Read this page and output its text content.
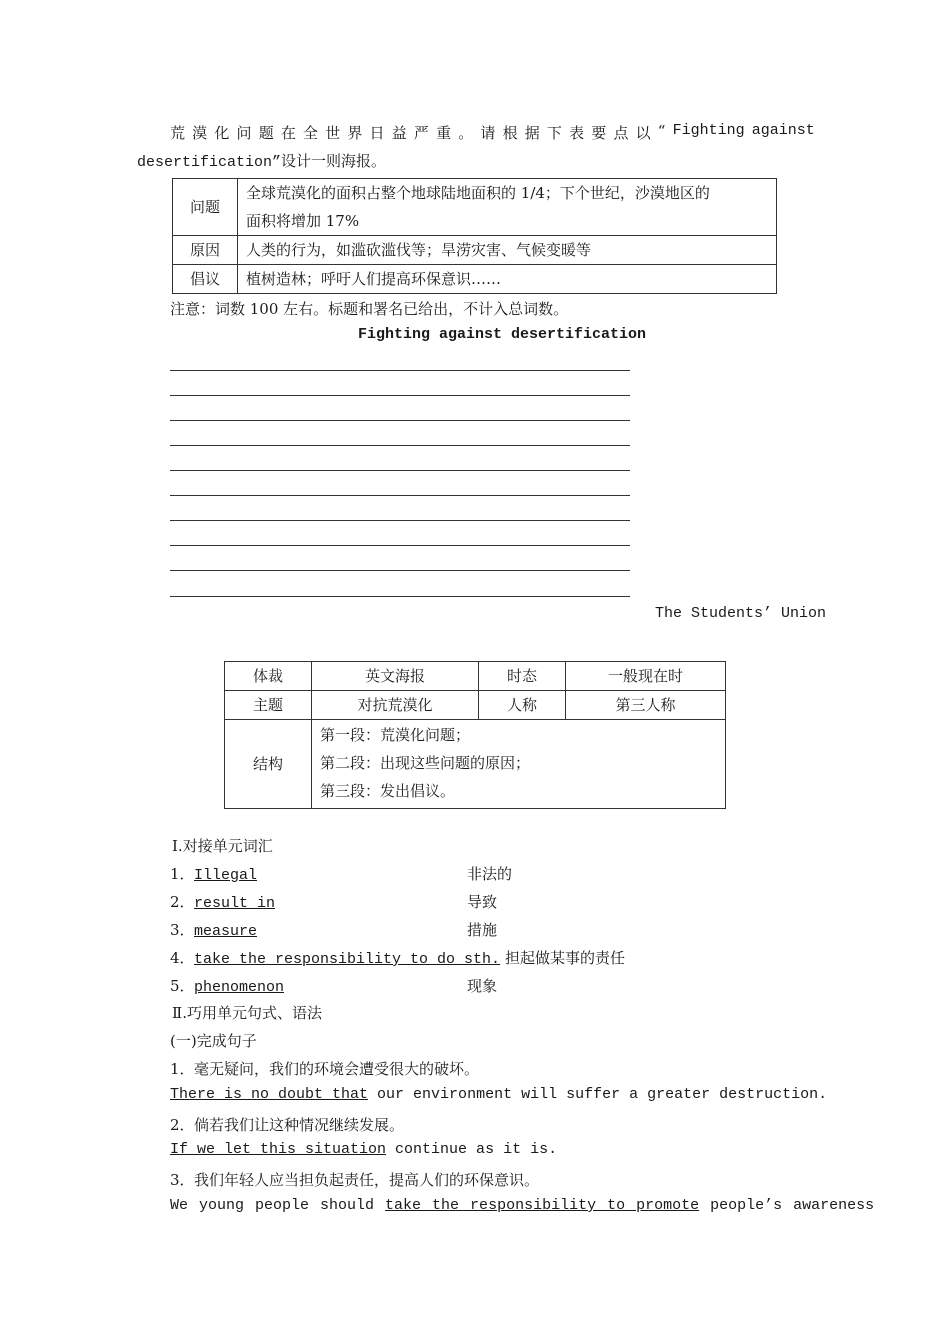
荒 漠 化 问 题 在 全 世 界 日 益 严 重 。 请 根 据 下 表 要 点 以 “ Fighting against
desertification”设计一则海报。
问题	全球荒漠化的面积占整个地球陆地面积的 1/4；下个世纪，沙漠地区的
面积将增加 17%

原因	人类的行为，如滥砍滥伐等；旱涝灾害、气候变暖等
倡议	植树造林；呼吁人们提高环保意识……
注意：词数 100 左右。标题和署名已给出，不计入总词数。
Fighting against desertification
The Students’ Union
体裁	英文海报	时态	一般现在时
主题	对抗荒漠化	人称	第三人称
结构	第一段：荒漠化问题；
第二段：出现这些问题的原因；
第三段：发出倡议。		
Ⅰ.对接单元词汇
1．Illegal	非法的
2．result in	导致
3．measure	措施
4．take the responsibility to do sth. 担起做某事的责任
5．phenomenon	现象
Ⅱ.巧用单元句式、语法
(一)完成句子
1．毫无疑问，我们的环境会遭受很大的破坏。
There is no doubt that our environment will suffer a greater destruction.
2．倘若我们让这种情况继续发展。
If we let this situation continue as it is.
3．我们年轻人应当担负起责任，提高人们的环保意识。
We young people should take the responsibility to promote people’s awareness
